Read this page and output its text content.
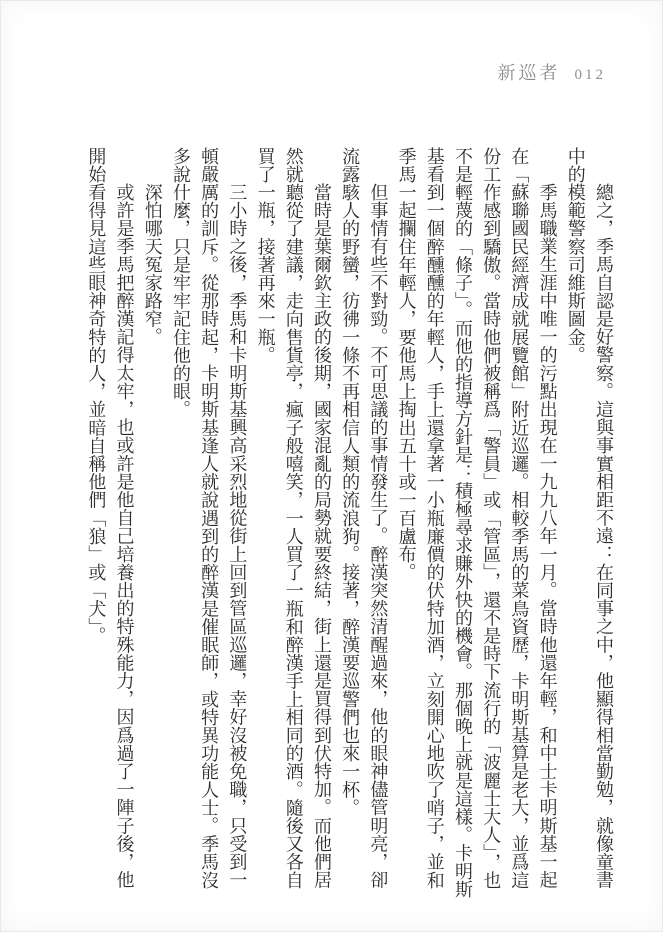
新巡者 012

總之，季馬自認是好警察。這與事實相距不遠：在同事之中，他顯得相當勤勉，就像童書中的模範警察司維斯圖金。

季馬職業生涯中唯一的污點出現在一九九八年一月。當時他還年輕，和中士卡明斯基一起在「蘇聯國民經濟成就展覽館」附近巡邏。相較季馬的菜鳥資歷，卡明斯基算是老大，並爲這份工作感到驕傲。當時他們被稱爲「警員」或「管區」，還不是時下流行的「波麗士大人」，也不是輕蔑的「條子」。而他的指導方針是：積極尋求賺外快的機會。那個晚上就是這樣。卡明斯基看到一個醉醺醺的年輕人，手上還拿著一小瓶廉價的伏特加酒，立刻開心地吹了哨子，並和季馬一起攔住年輕人，要他馬上掏出五十或一百盧布。

但事情有些不對勁。不可思議的事情發生了。醉漢突然清醒過來，他的眼神儘管明亮，卻流露駭人的野蠻，彷彿一條不再相信人類的流浪狗。接著，醉漢要巡警們也來一杯。

當時是葉爾欽主政的後期，國家混亂的局勢就要終結，街上還是買得到伏特加。而他們居然就聽從了建議，走向售貨亭，瘋子般嘻笑，一人買了一瓶和醉漢手上相同的酒。隨後又各自買了一瓶，接著再來一瓶。

三小時之後，季馬和卡明斯基興高采烈地從街上回到管區巡邏，幸好沒被免職，只受到一頓嚴厲的訓斥。從那時起，卡明斯基逢人就說遇到的醉漢是催眠師，或特異功能人士。季馬沒多說什麼，只是牢牢記住他的眼。

深怕哪天冤家路窄。

或許是季馬把醉漢記得太牢，也或許是他自己培養出的特殊能力，因爲過了一陣子後，他開始看得見這些眼神奇特的人，並暗自稱他們「狼」或「犬」。
